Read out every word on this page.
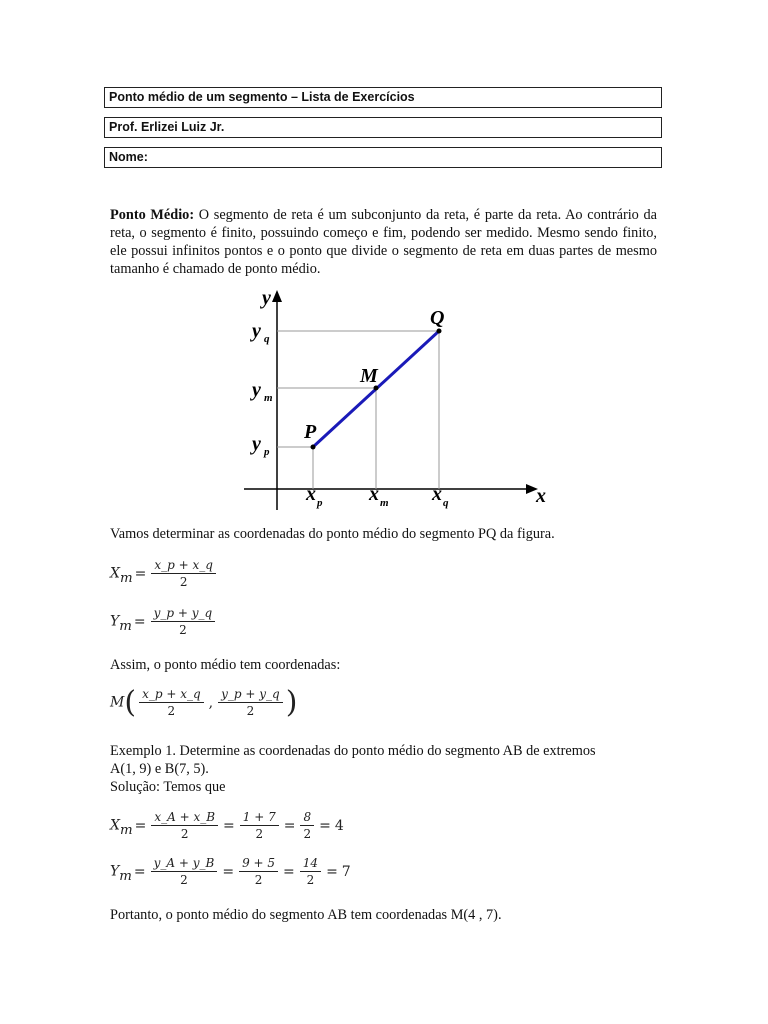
Ponto médio de um segmento – Lista de Exercícios
Prof. Erlizei Luiz Jr.
Nome:
Ponto Médio: O segmento de reta é um subconjunto da reta, é parte da reta. Ao contrário da reta, o segmento é finito, possuindo começo e fim, podendo ser medido. Mesmo sendo finito, ele possui infinitos pontos e o ponto que divide o segmento de reta em duas partes de mesmo tamanho é chamado de ponto médio.
y
x
P
M
Q
y q
y m
y p
x p x m x q
Vamos determinar as coordenadas do ponto médio do segmento PQ da figura.
$X_m = \frac{x\_p + x\_q}{2}$
$Y_m = \frac{y\_p + y\_q}{2}$
Assim, o ponto médio tem coordenadas:
$M( \frac{x\_p + x\_q}{2}$ , $\frac{y\_p + y\_q}{2}$ )
Exemplo 1. Determine as coordenadas do ponto médio do segmento AB de extremos
A(1, 9) e B(7, 5).
Solução: Temos que
$X_m = \frac{x\_A + x\_B}{2} = \frac{1 + 7}{2} = \frac{8}{2} = 4$
$Y_m = \frac{y\_A + y\_B}{2} = \frac{9 + 5}{2} = \frac{14}{2} = 7$
Portanto, o ponto médio do segmento AB tem coordenadas M(4 , 7).
